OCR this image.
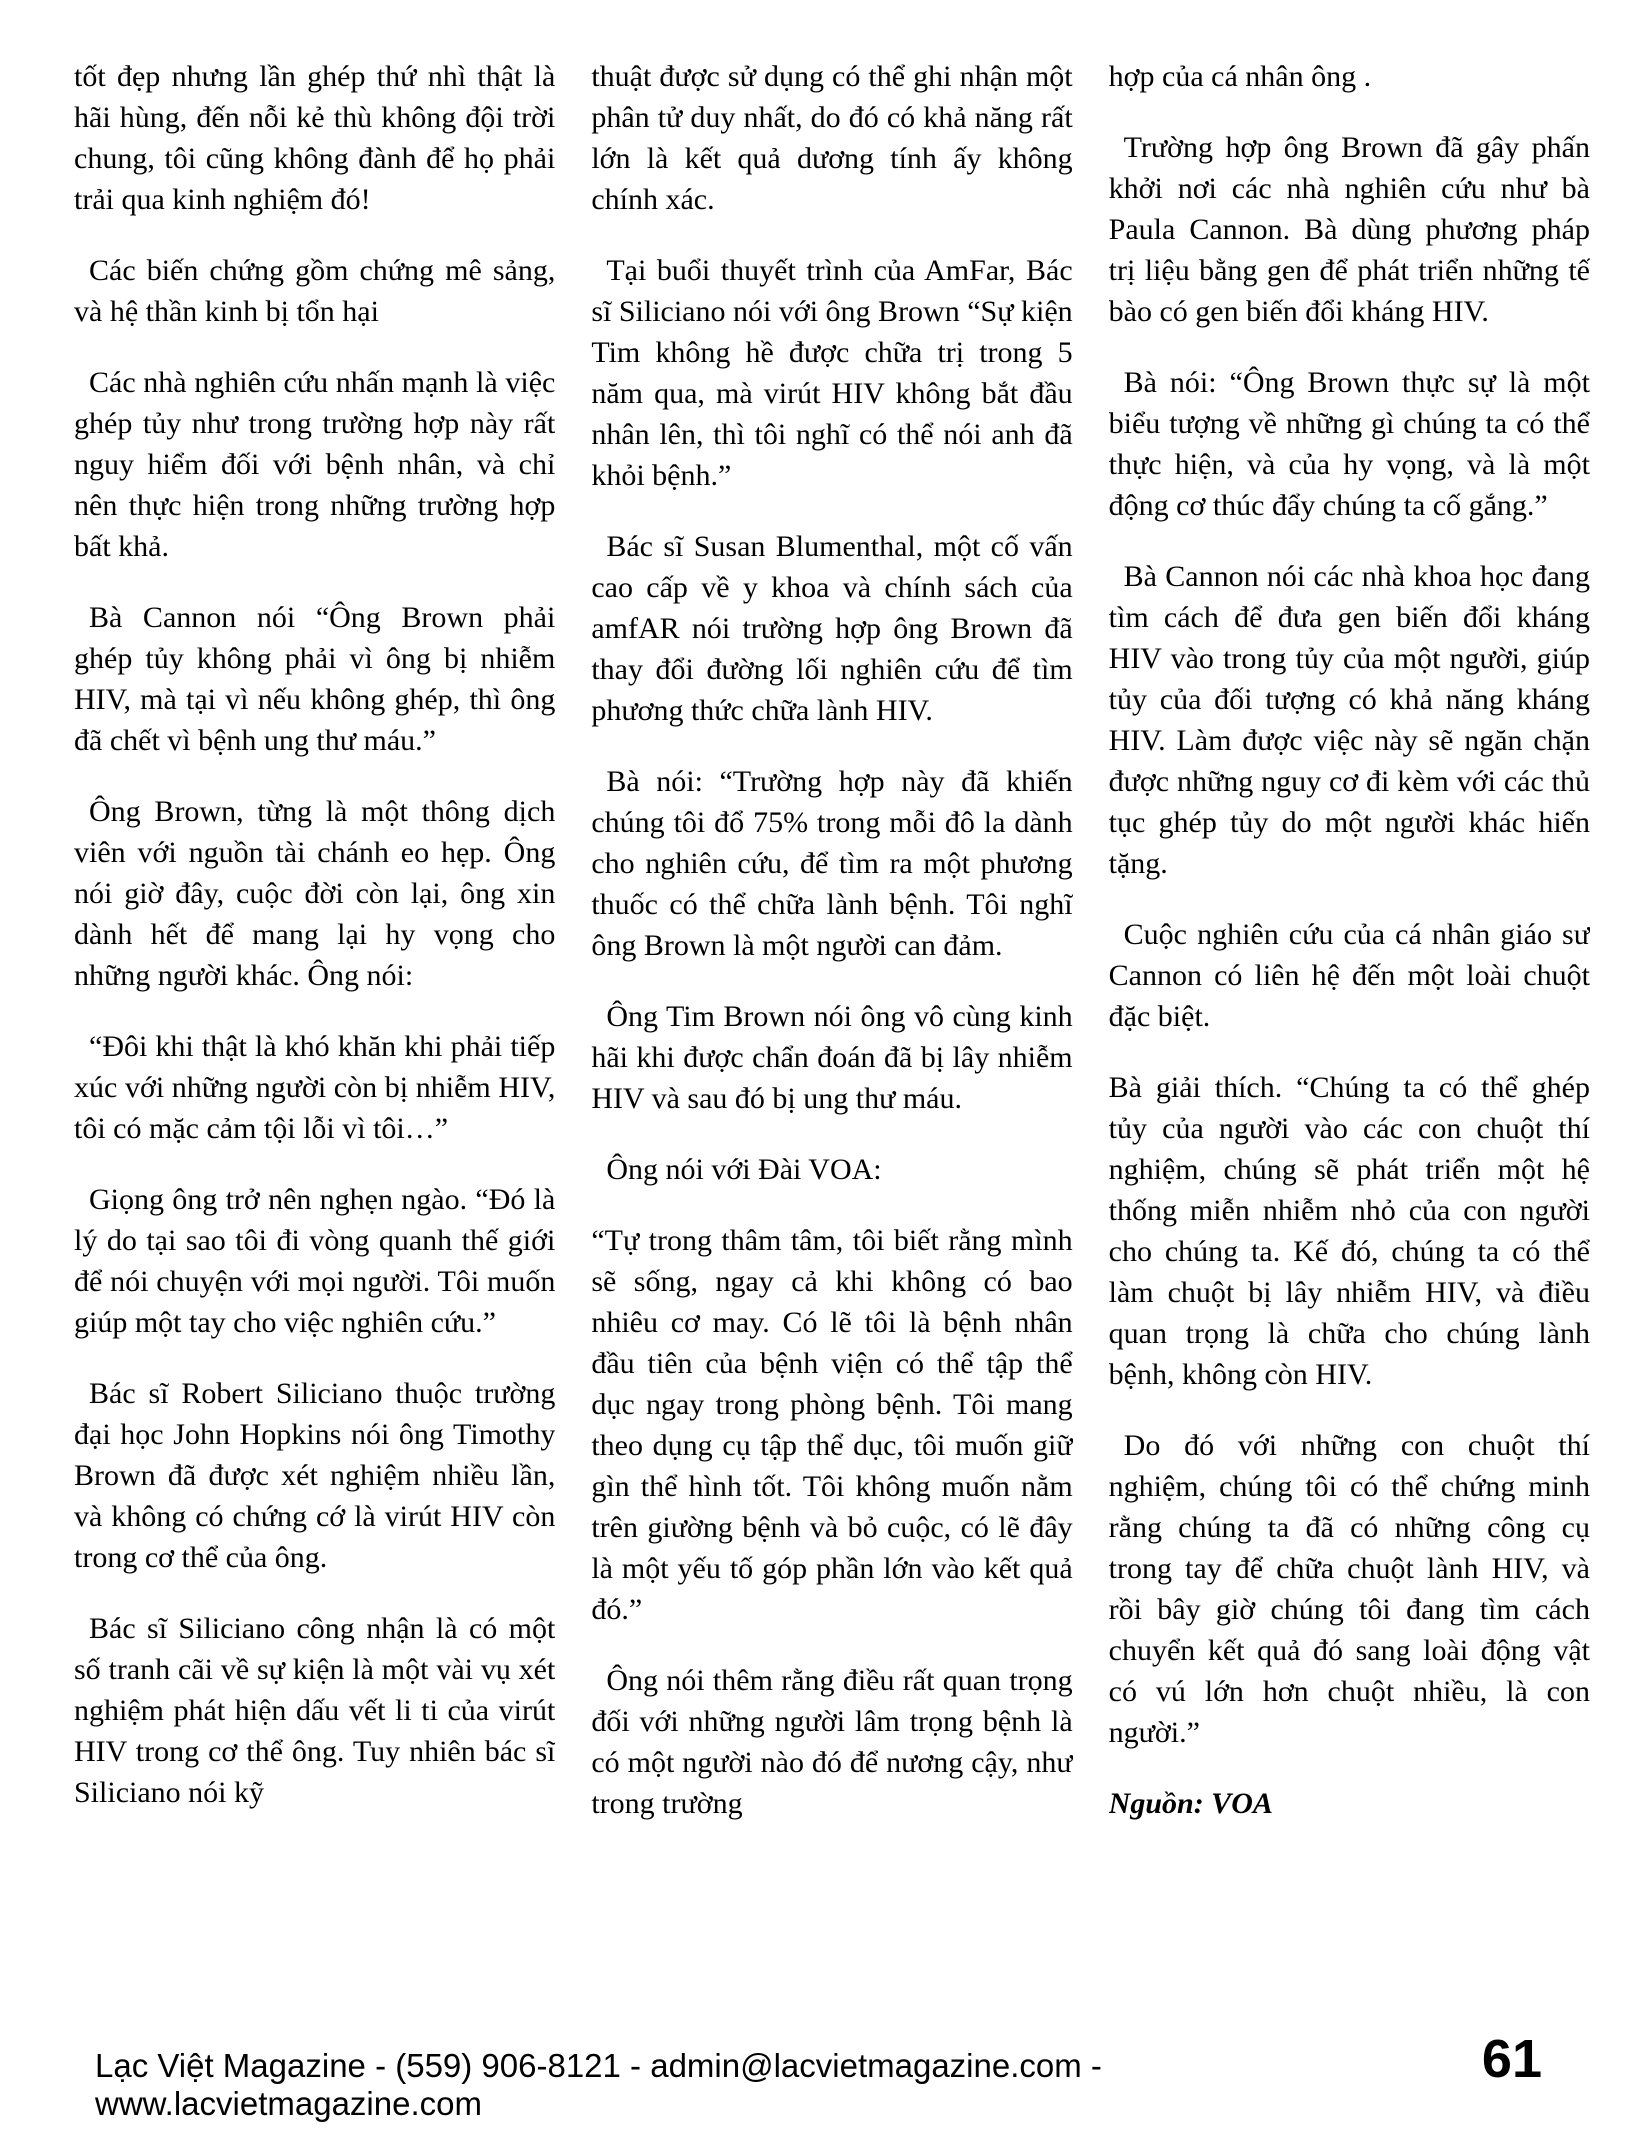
tốt đẹp nhưng lần ghép thứ nhì thật là hãi hùng, đến nỗi kẻ thù không đội trời chung, tôi cũng không đành để họ phải trải qua kinh nghiệm đó!

Các biến chứng gồm chứng mê sảng, và hệ thần kinh bị tổn hại

Các nhà nghiên cứu nhấn mạnh là việc ghép tủy như trong trường hợp này rất nguy hiểm đối với bệnh nhân, và chỉ nên thực hiện trong những trường hợp bất khả.

Bà Cannon nói “Ông Brown phải ghép tủy không phải vì ông bị nhiễm HIV, mà tại vì nếu không ghép, thì ông đã chết vì bệnh ung thư máu.”

Ông Brown, từng là một thông dịch viên với nguồn tài chánh eo hẹp. Ông nói giờ đây, cuộc đời còn lại, ông xin dành hết để mang lại hy vọng cho những người khác. Ông nói:

“Đôi khi thật là khó khăn khi phải tiếp xúc với những người còn bị nhiễm HIV, tôi có mặc cảm tội lỗi vì tôi…”

Giọng ông trở nên nghẹn ngào. “Đó là lý do tại sao tôi đi vòng quanh thế giới để nói chuyện với mọi người. Tôi muốn giúp một tay cho việc nghiên cứu.”

Bác sĩ Robert Siliciano thuộc trường đại học John Hopkins nói ông Timothy Brown đã được xét nghiệm nhiều lần, và không có chứng cớ là virút HIV còn trong cơ thể của ông.

Bác sĩ Siliciano công nhận là có một số tranh cãi về sự kiện là một vài vụ xét nghiệm phát hiện dấu vết li ti của virút HIV trong cơ thể ông. Tuy nhiên bác sĩ Siliciano nói kỹ

thuật được sử dụng có thể ghi nhận một phân tử duy nhất, do đó có khả năng rất lớn là kết quả dương tính ấy không chính xác.

Tại buổi thuyết trình của AmFar, Bác sĩ Siliciano nói với ông Brown “Sự kiện Tim không hề được chữa trị trong 5 năm qua, mà virút HIV không bắt đầu nhân lên, thì tôi nghĩ có thể nói anh đã khỏi bệnh.”

Bác sĩ Susan Blumenthal, một cố vấn cao cấp về y khoa và chính sách của amfAR nói trường hợp ông Brown đã thay đổi đường lối nghiên cứu để tìm phương thức chữa lành HIV.

Bà nói: “Trường hợp này đã khiến chúng tôi đổ 75% trong mỗi đô la dành cho nghiên cứu, để tìm ra một phương thuốc có thể chữa lành bệnh. Tôi nghĩ ông Brown là một người can đảm.

Ông Tim Brown nói ông vô cùng kinh hãi khi được chẩn đoán đã bị lây nhiễm HIV và sau đó bị ung thư máu.

Ông nói với Đài VOA:

“Tự trong thâm tâm, tôi biết rằng mình sẽ sống, ngay cả khi không có bao nhiêu cơ may. Có lẽ tôi là bệnh nhân đầu tiên của bệnh viện có thể tập thể dục ngay trong phòng bệnh. Tôi mang theo dụng cụ tập thể dục, tôi muốn giữ gìn thể hình tốt. Tôi không muốn nằm trên giường bệnh và bỏ cuộc, có lẽ đây là một yếu tố góp phần lớn vào kết quả đó.”

Ông nói thêm rằng điều rất quan trọng đối với những người lâm trọng bệnh là có một người nào đó để nương cậy, như trong trường

hợp của cá nhân ông .

Trường hợp ông Brown đã gây phấn khởi nơi các nhà nghiên cứu như bà Paula Cannon. Bà dùng phương pháp trị liệu bằng gen để phát triển những tế bào có gen biến đổi kháng HIV.

Bà nói: “Ông Brown thực sự là một biểu tượng về những gì chúng ta có thể thực hiện, và của hy vọng, và là một động cơ thúc đẩy chúng ta cố gắng.”

Bà Cannon nói các nhà khoa học đang tìm cách để đưa gen biến đổi kháng HIV vào trong tủy của một người, giúp tủy của đối tượng có khả năng kháng HIV. Làm được việc này sẽ ngăn chặn được những nguy cơ đi kèm với các thủ tục ghép tủy do một người khác hiến tặng.

Cuộc nghiên cứu của cá nhân giáo sư Cannon có liên hệ đến một loài chuột đặc biệt.

Bà giải thích. “Chúng ta có thể ghép tủy của người vào các con chuột thí nghiệm, chúng sẽ phát triển một hệ thống miễn nhiễm nhỏ của con người cho chúng ta. Kế đó, chúng ta có thể làm chuột bị lây nhiễm HIV, và điều quan trọng là chữa cho chúng lành bệnh, không còn HIV.

Do đó với những con chuột thí nghiệm, chúng tôi có thể chứng minh rằng chúng ta đã có những công cụ trong tay để chữa chuột lành HIV, và rồi bây giờ chúng tôi đang tìm cách chuyển kết quả đó sang loài động vật có vú lớn hơn chuột nhiều, là con người.”

Nguồn: VOA

Lạc Việt Magazine - (559) 906-8121 - admin@lacvietmagazine.com - www.lacvietmagazine.com
61
